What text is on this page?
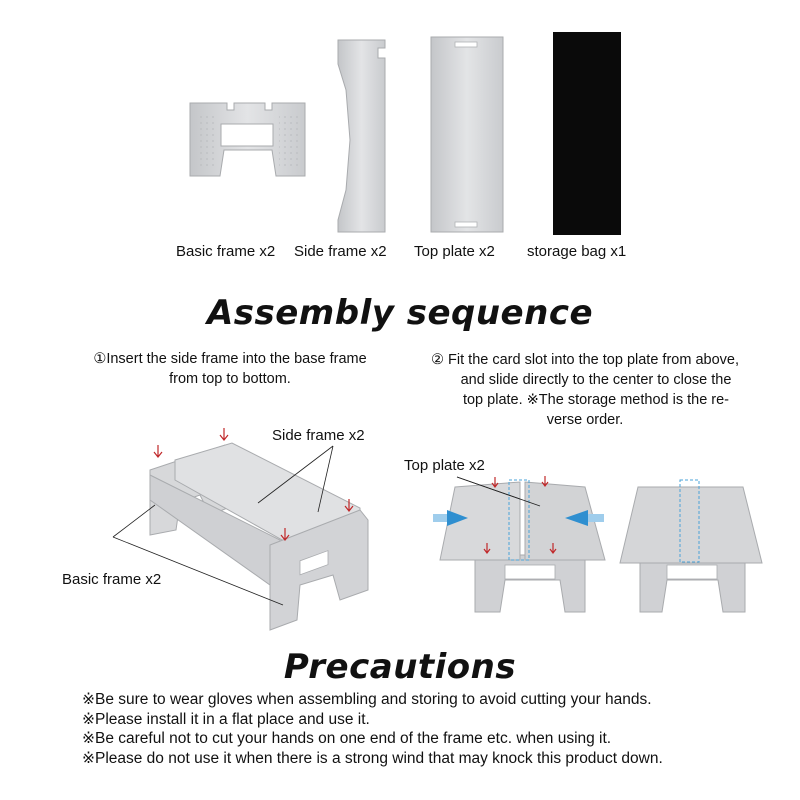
Basic frame x2 Side frame x2 Top plate x2 storage bag x1
Assembly sequence
①Insert the side frame into the base frame
from top to bottom.
② Fit the card slot into the top plate from above,
and slide directly to the center to close the
top plate. ※The storage method is the re-
verse order.
Side frame x2
Basic frame x2
Top plate x2
Precautions
※Be sure to wear gloves when assembling and storing to avoid cutting your hands.
※Please install it in a flat place and use it.
※Be careful not to cut your hands on one end of the frame etc. when using it.
※Please do not use it when there is a strong wind that may knock this product down.
